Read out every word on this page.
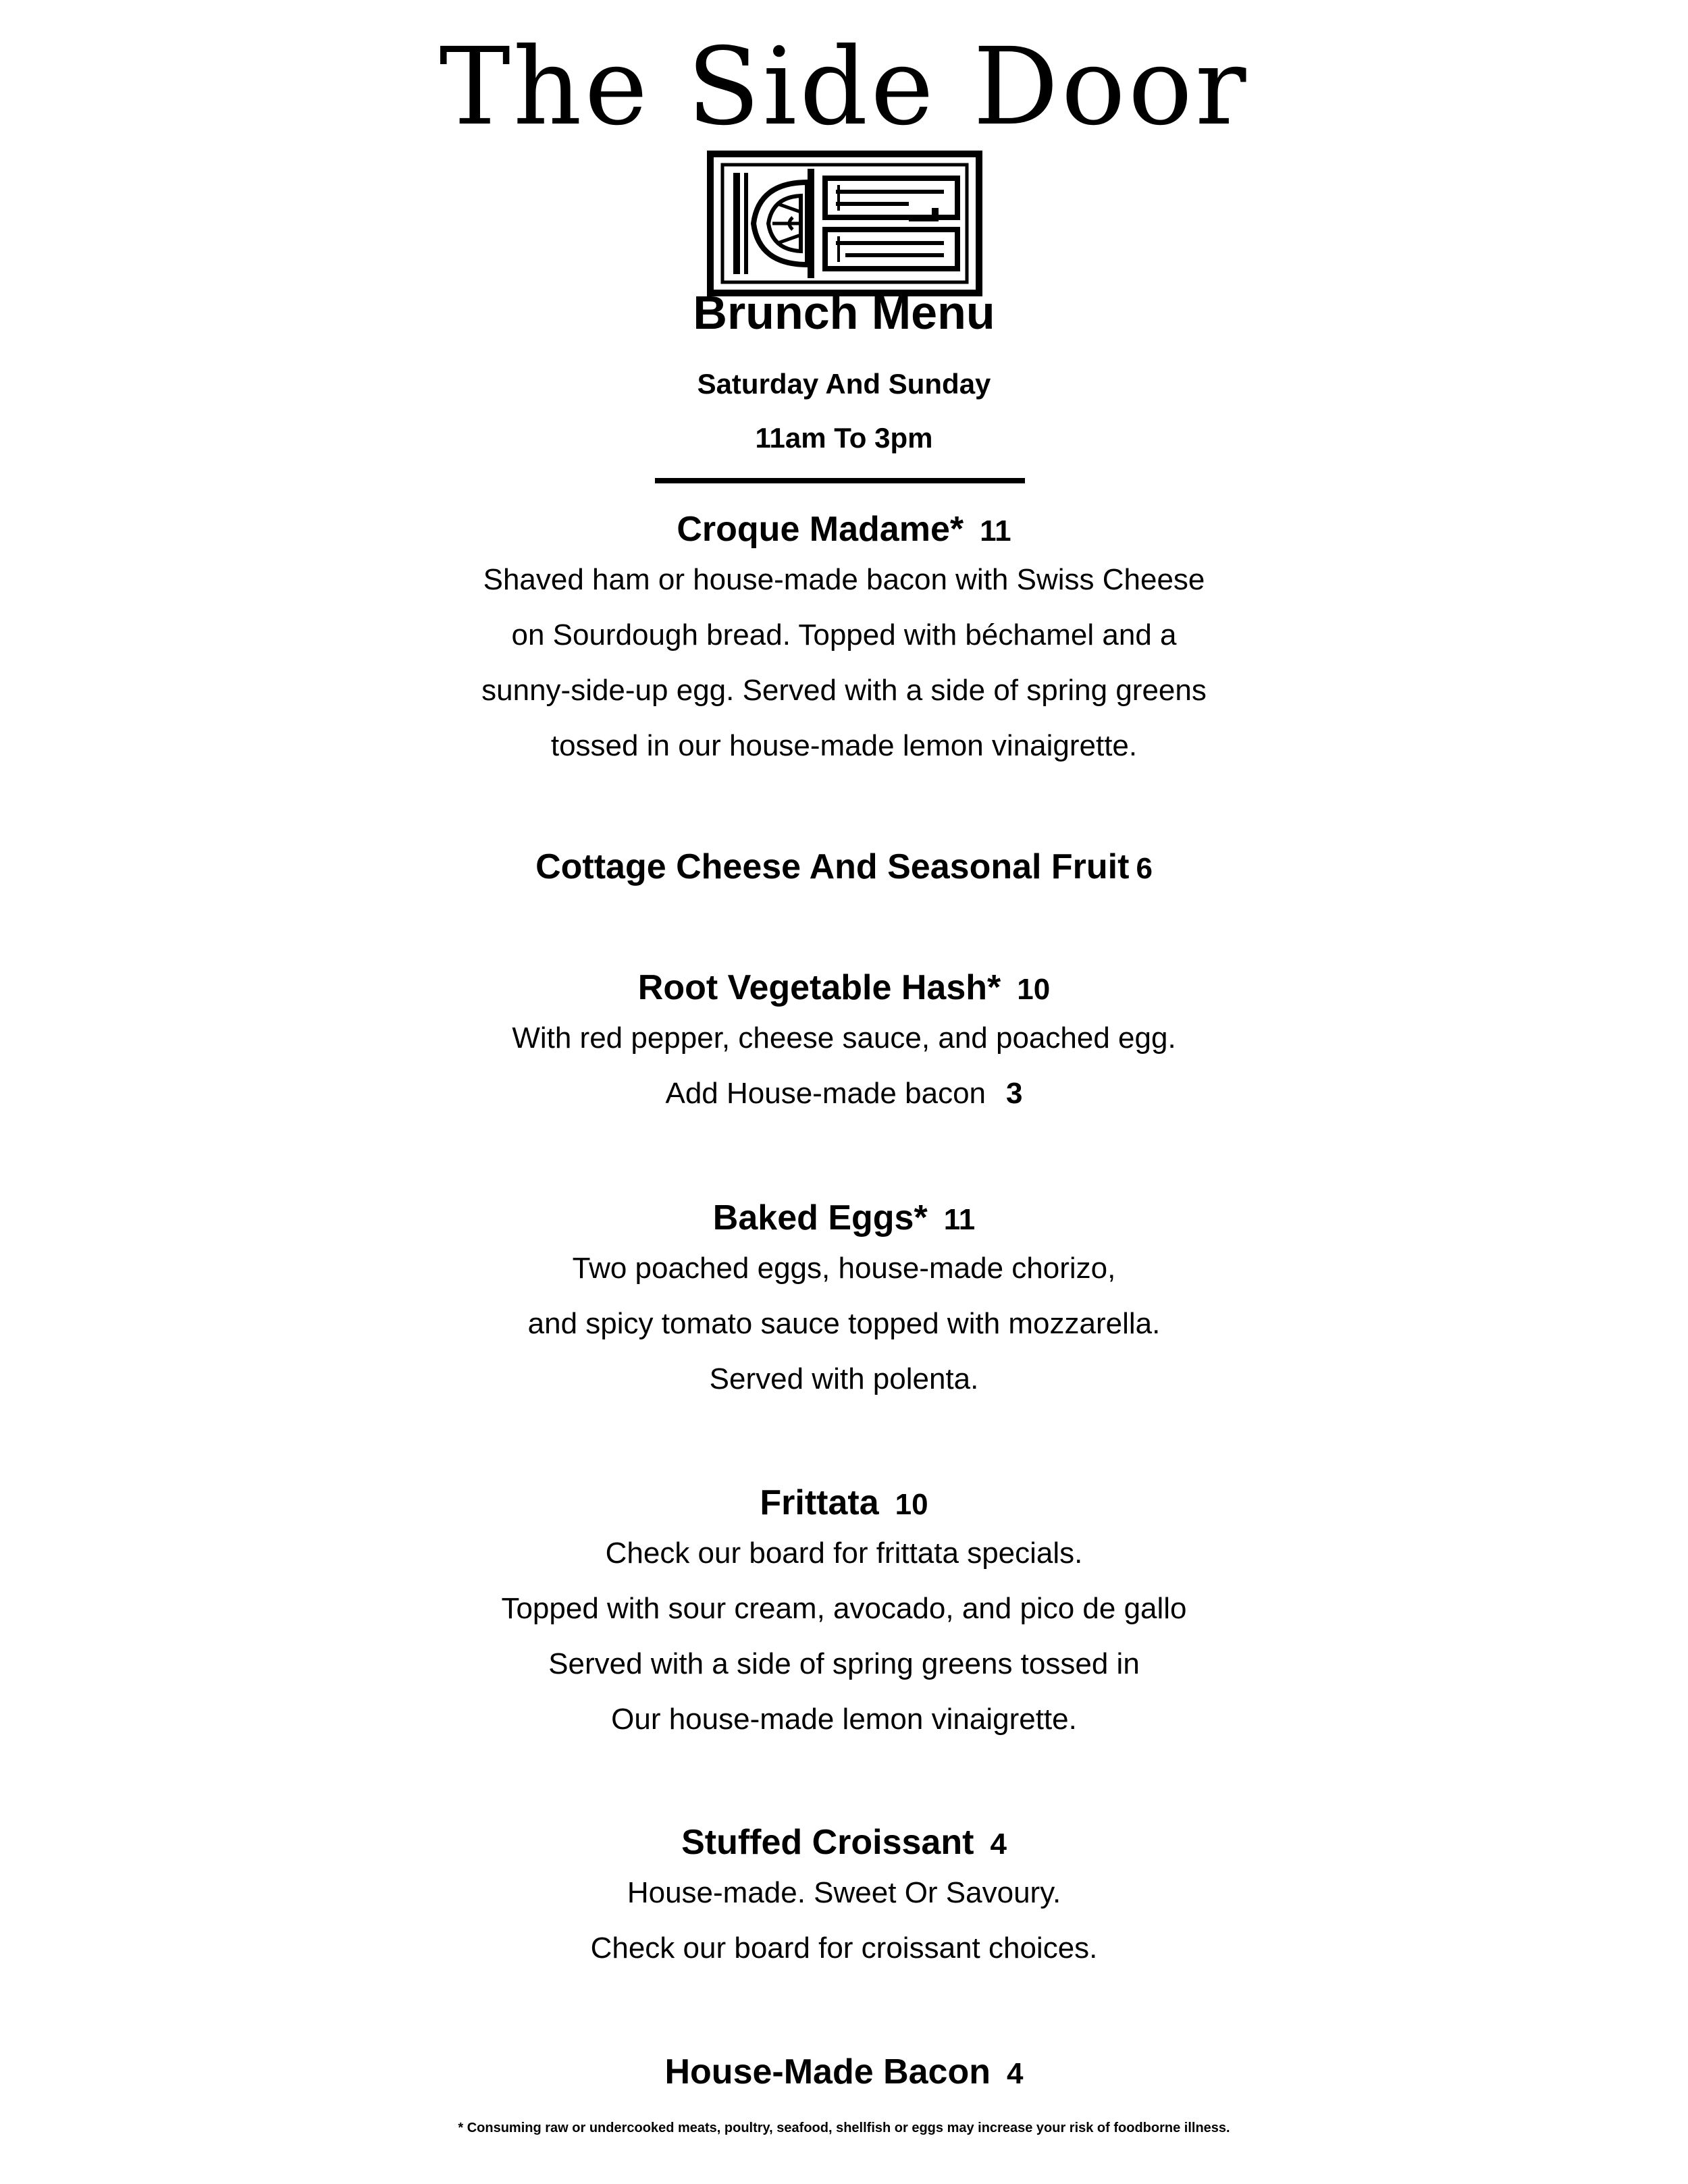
The Side Door
Brunch Menu
Saturday And Sunday
11am To 3pm
Croque Madame* 11
Shaved ham or house-made bacon with Swiss Cheese
on Sourdough bread. Topped with béchamel and a
sunny-side-up egg. Served with a side of spring greens
tossed in our house-made lemon vinaigrette.
Cottage Cheese And Seasonal Fruit 6
Root Vegetable Hash* 10
With red pepper, cheese sauce, and poached egg.
Add House-made bacon 3
Baked Eggs* 11
Two poached eggs, house-made chorizo,
and spicy tomato sauce topped with mozzarella.
Served with polenta.
Frittata 10
Check our board for frittata specials.
Topped with sour cream, avocado, and pico de gallo
Served with a side of spring greens tossed in
Our house-made lemon vinaigrette.
Stuffed Croissant 4
House-made. Sweet Or Savoury.
Check our board for croissant choices.
House-Made Bacon 4
* Consuming raw or undercooked meats, poultry, seafood, shellfish or eggs may increase your risk of foodborne illness.
